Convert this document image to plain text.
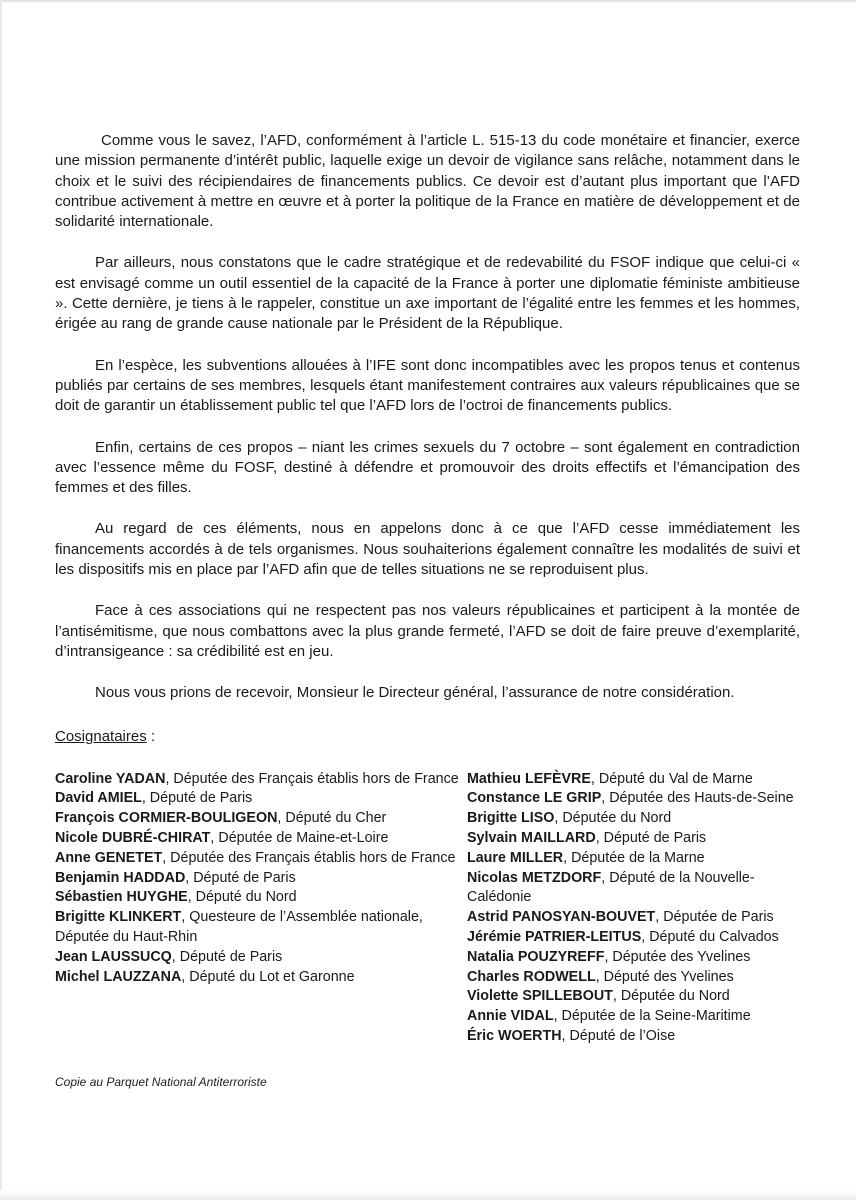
Comme vous le savez, l’AFD, conformément à l’article L. 515-13 du code monétaire et financier, exerce une mission permanente d’intérêt public, laquelle exige un devoir de vigilance sans relâche, notamment dans le choix et le suivi des récipiendaires de financements publics. Ce devoir est d’autant plus important que l’AFD contribue activement à mettre en œuvre et à porter la politique de la France en matière de développement et de solidarité internationale.

Par ailleurs, nous constatons que le cadre stratégique et de redevabilité du FSOF indique que celui-ci « est envisagé comme un outil essentiel de la capacité de la France à porter une diplomatie féministe ambitieuse ». Cette dernière, je tiens à le rappeler, constitue un axe important de l’égalité entre les femmes et les hommes, érigée au rang de grande cause nationale par le Président de la République.

En l’espèce, les subventions allouées à l’IFE sont donc incompatibles avec les propos tenus et contenus publiés par certains de ses membres, lesquels étant manifestement contraires aux valeurs républicaines que se doit de garantir un établissement public tel que l’AFD lors de l’octroi de financements publics.

Enfin, certains de ces propos – niant les crimes sexuels du 7 octobre – sont également en contradiction avec l’essence même du FOSF, destiné à défendre et promouvoir des droits effectifs et l’émancipation des femmes et des filles.

Au regard de ces éléments, nous en appelons donc à ce que l’AFD cesse immédiatement les financements accordés à de tels organismes. Nous souhaiterions également connaître les modalités de suivi et les dispositifs mis en place par l’AFD afin que de telles situations ne se reproduisent plus.

Face à ces associations qui ne respectent pas nos valeurs républicaines et participent à la montée de l’antisémitisme, que nous combattons avec la plus grande fermeté, l’AFD se doit de faire preuve d’exemplarité, d’intransigeance : sa crédibilité est en jeu.

Nous vous prions de recevoir, Monsieur le Directeur général, l’assurance de notre considération.

Cosignataires :

Caroline YADAN, Députée des Français établis hors de France
David AMIEL, Député de Paris
François CORMIER-BOULIGEON, Député du Cher
Nicole DUBRÉ-CHIRAT, Députée de Maine-et-Loire
Anne GENETET, Députée des Français établis hors de France
Benjamin HADDAD, Député de Paris
Sébastien HUYGHE, Député du Nord
Brigitte KLINKERT, Questeure de l’Assemblée nationale, Députée du Haut-Rhin
Jean LAUSSUCQ, Député de Paris
Michel LAUZZANA, Député du Lot et Garonne
Mathieu LEFÈVRE, Député du Val de Marne
Constance LE GRIP, Députée des Hauts-de-Seine
Brigitte LISO, Députée du Nord
Sylvain MAILLARD, Député de Paris
Laure MILLER, Députée de la Marne
Nicolas METZDORF, Député de la Nouvelle-Calédonie
Astrid PANOSYAN-BOUVET, Députée de Paris
Jérémie PATRIER-LEITUS, Député du Calvados
Natalia POUZYREFF, Députée des Yvelines
Charles RODWELL, Député des Yvelines
Violette SPILLEBOUT, Députée du Nord
Annie VIDAL, Députée de la Seine-Maritime
Éric WOERTH, Député de l’Oise
Copie au Parquet National Antiterroriste
